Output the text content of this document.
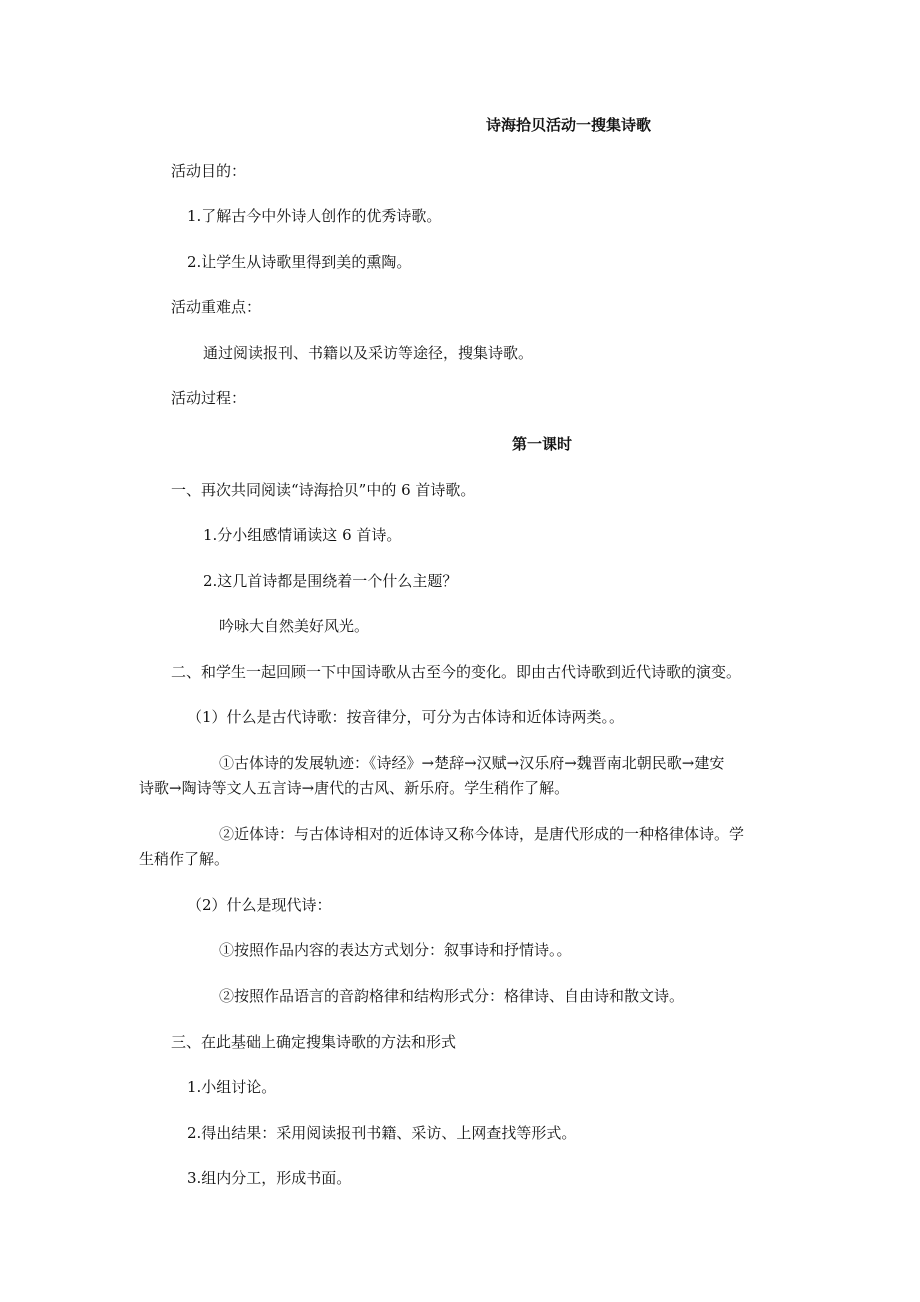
诗海拾贝活动一搜集诗歌
活动目的：
1.了解古今中外诗人创作的优秀诗歌。
2.让学生从诗歌里得到美的熏陶。
活动重难点：
通过阅读报刊、书籍以及采访等途径，搜集诗歌。
活动过程：
第一课时
一、再次共同阅读“诗海拾贝”中的 6 首诗歌。
1.分小组感情诵读这 6 首诗。
2.这几首诗都是围绕着一个什么主题？
吟咏大自然美好风光。
二、和学生一起回顾一下中国诗歌从古至今的变化。即由古代诗歌到近代诗歌的演变。
（1）什么是古代诗歌：按音律分，可分为古体诗和近体诗两类。。
①古体诗的发展轨迹：《诗经》→楚辞→汉赋→汉乐府→魏晋南北朝民歌→建安
诗歌→陶诗等文人五言诗→唐代的古风、新乐府。学生稍作了解。
②近体诗：与古体诗相对的近体诗又称今体诗，是唐代形成的一种格律体诗。学
生稍作了解。
（2）什么是现代诗：
①按照作品内容的表达方式划分：叙事诗和抒情诗。。
②按照作品语言的音韵格律和结构形式分：格律诗、自由诗和散文诗。
三、在此基础上确定搜集诗歌的方法和形式
1.小组讨论。
2.得出结果：采用阅读报刊书籍、采访、上网查找等形式。
3.组内分工，形成书面。
